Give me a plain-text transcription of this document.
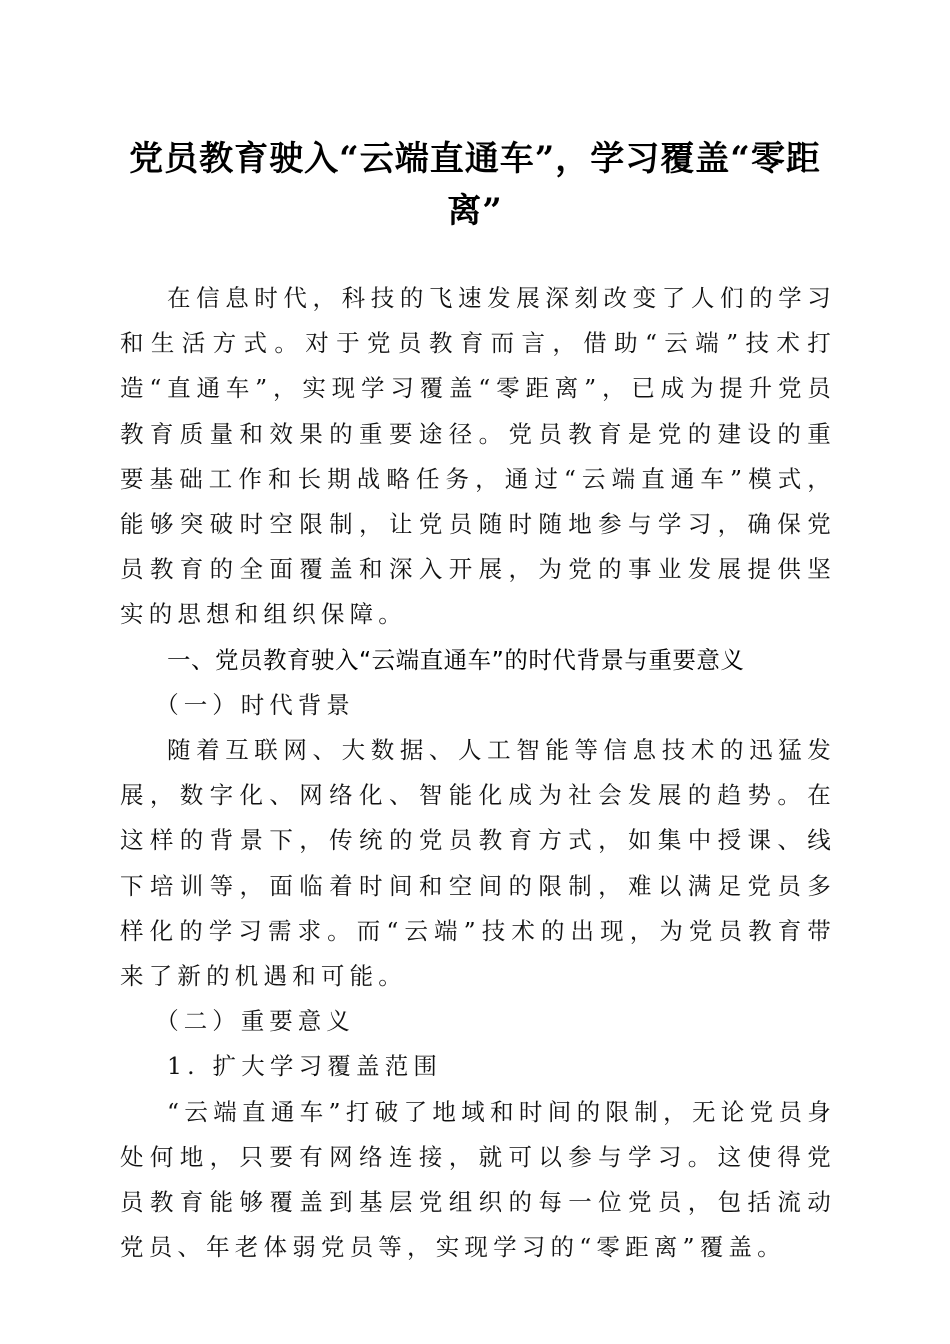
党员教育驶入“云端直通车”，学习覆盖“零距离”

在信息时代，科技的飞速发展深刻改变了人们的学习和生活方式。对于党员教育而言，借助“云端”技术打造“直通车”，实现学习覆盖“零距离”，已成为提升党员教育质量和效果的重要途径。党员教育是党的建设的重要基础工作和长期战略任务，通过“云端直通车”模式，能够突破时空限制，让党员随时随地参与学习，确保党员教育的全面覆盖和深入开展，为党的事业发展提供坚实的思想和组织保障。

一、党员教育驶入“云端直通车”的时代背景与重要意义

（一）时代背景

随着互联网、大数据、人工智能等信息技术的迅猛发展，数字化、网络化、智能化成为社会发展的趋势。在这样的背景下，传统的党员教育方式，如集中授课、线下培训等，面临着时间和空间的限制，难以满足党员多样化的学习需求。而“云端”技术的出现，为党员教育带来了新的机遇和可能。

（二）重要意义

1. 扩大学习覆盖范围

“云端直通车”打破了地域和时间的限制，无论党员身处何地，只要有网络连接，就可以参与学习。这使得党员教育能够覆盖到基层党组织的每一位党员，包括流动党员、年老体弱党员等，实现学习的“零距离”覆盖。
